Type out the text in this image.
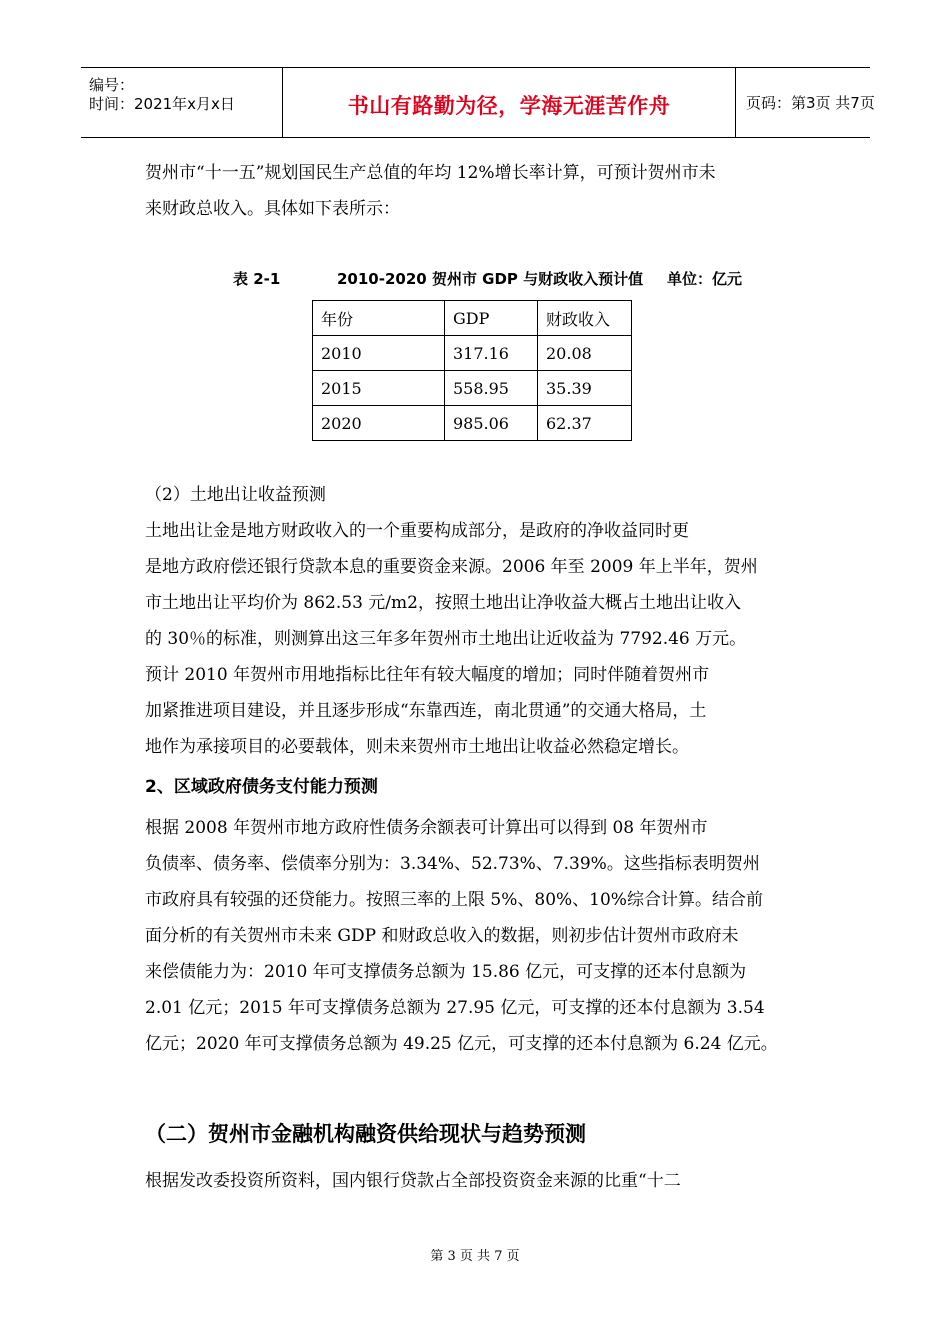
编号：
时间：2021年x月x日	书山有路勤为径，学海无涯苦作舟	页码：第3页 共7页
贺州市“十一五”规划国民生产总值的年均 12%增长率计算，可预计贺州市未
来财政总收入。具体如下表所示：
表 2-1	2010-2020 贺州市 GDP 与财政收入预计值 单位：亿元
年份	GDP	财政收入
2010	317.16	20.08
2015	558.95	35.39
2020	985.06	62.37
（2）土地出让收益预测
土地出让金是地方财政收入的一个重要构成部分，是政府的净收益同时更
是地方政府偿还银行贷款本息的重要资金来源。2006 年至 2009 年上半年，贺州
市土地出让平均价为 862.53 元/m2，按照土地出让净收益大概占土地出让收入
的 30％的标准，则测算出这三年多年贺州市土地出让近收益为 7792.46 万元。
预计 2010 年贺州市用地指标比往年有较大幅度的增加；同时伴随着贺州市
加紧推进项目建设，并且逐步形成“东靠西连，南北贯通”的交通大格局，土
地作为承接项目的必要载体，则未来贺州市土地出让收益必然稳定增长。
2、区域政府债务支付能力预测
根据 2008 年贺州市地方政府性债务余额表可计算出可以得到 08 年贺州市
负债率、债务率、偿债率分别为：3.34%、52.73%、7.39%。这些指标表明贺州
市政府具有较强的还贷能力。按照三率的上限 5%、80%、10%综合计算。结合前
面分析的有关贺州市未来 GDP 和财政总收入的数据，则初步估计贺州市政府未
来偿债能力为：2010 年可支撑债务总额为 15.86 亿元，可支撑的还本付息额为
2.01 亿元；2015 年可支撑债务总额为 27.95 亿元，可支撑的还本付息额为 3.54
亿元；2020 年可支撑债务总额为 49.25 亿元，可支撑的还本付息额为 6.24 亿元。
（二）贺州市金融机构融资供给现状与趋势预测
根据发改委投资所资料，国内银行贷款占全部投资资金来源的比重“十二
第 3 页 共 7 页
